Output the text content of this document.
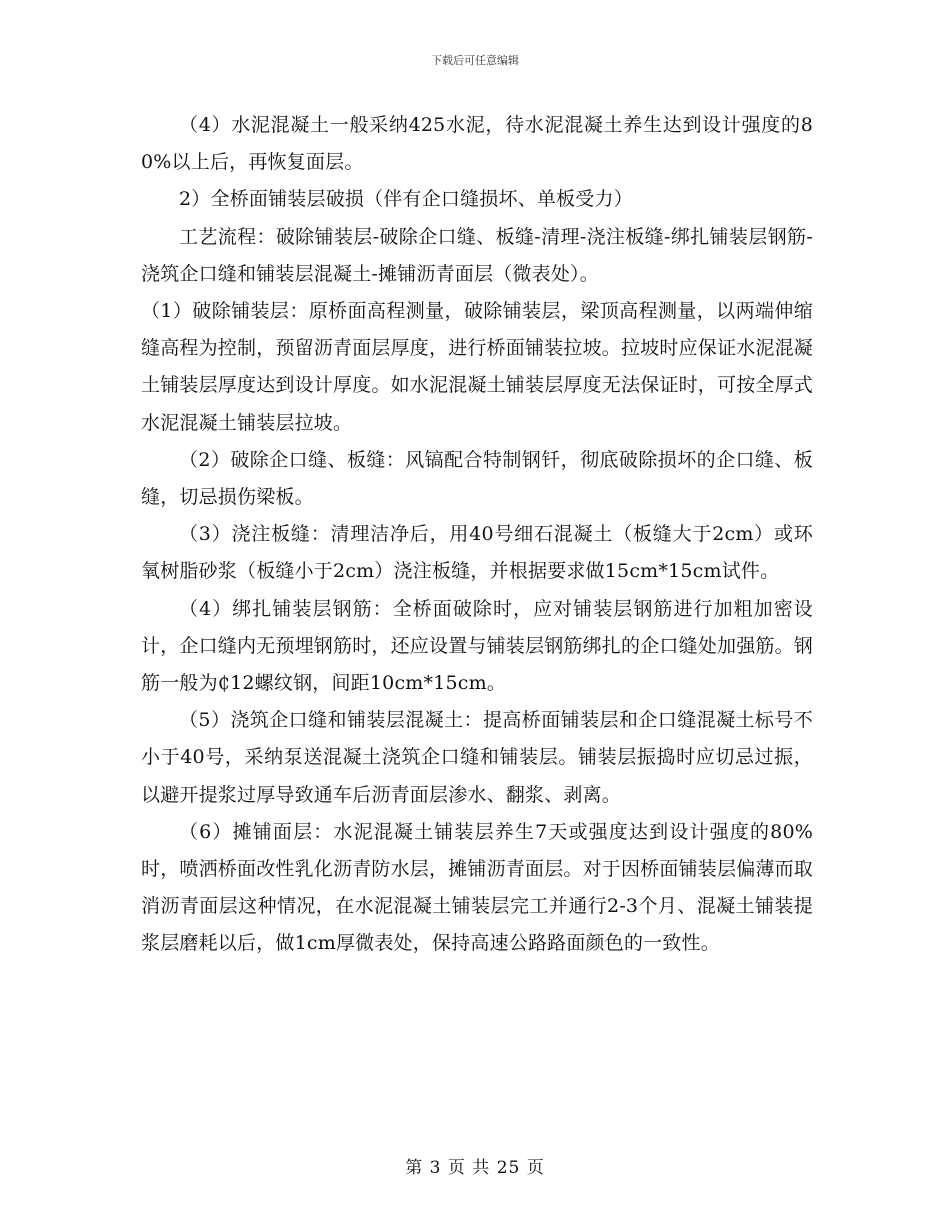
下载后可任意编辑

（4）水泥混凝土一般采纳425水泥，待水泥混凝土养生达到设计强度的80%以上后，再恢复面层。

2）全桥面铺装层破损（伴有企口缝损坏、单板受力）

工艺流程：破除铺装层-破除企口缝、板缝-清理-浇注板缝-绑扎铺装层钢筋-浇筑企口缝和铺装层混凝土-摊铺沥青面层（微表处）。

（1）破除铺装层：原桥面高程测量，破除铺装层，梁顶高程测量，以两端伸缩缝高程为控制，预留沥青面层厚度，进行桥面铺装拉坡。拉坡时应保证水泥混凝土铺装层厚度达到设计厚度。如水泥混凝土铺装层厚度无法保证时，可按全厚式水泥混凝土铺装层拉坡。

（2）破除企口缝、板缝：风镐配合特制钢钎，彻底破除损坏的企口缝、板缝，切忌损伤梁板。

（3）浇注板缝：清理洁净后，用40号细石混凝土（板缝大于2cm）或环氧树脂砂浆（板缝小于2cm）浇注板缝，并根据要求做15cm*15cm试件。

（4）绑扎铺装层钢筋：全桥面破除时，应对铺装层钢筋进行加粗加密设计，企口缝内无预埋钢筋时，还应设置与铺装层钢筋绑扎的企口缝处加强筋。钢筋一般为₵12螺纹钢，间距10cm*15cm。

（5）浇筑企口缝和铺装层混凝土：提高桥面铺装层和企口缝混凝土标号不小于40号，采纳泵送混凝土浇筑企口缝和铺装层。铺装层振捣时应切忌过振，以避开提浆过厚导致通车后沥青面层渗水、翻浆、剥离。

（6）摊铺面层：水泥混凝土铺装层养生7天或强度达到设计强度的80%时，喷洒桥面改性乳化沥青防水层，摊铺沥青面层。对于因桥面铺装层偏薄而取消沥青面层这种情况，在水泥混凝土铺装层完工并通行2-3个月、混凝土铺装提浆层磨耗以后，做1cm厚微表处，保持高速公路路面颜色的一致性。

第 3 页 共 25 页
